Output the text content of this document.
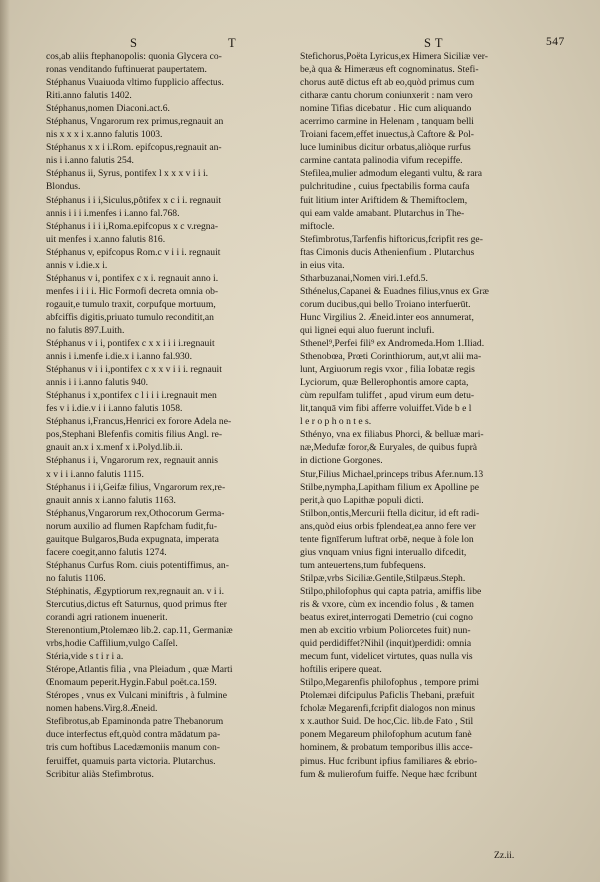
S	T	S T	547
cos,ab aliis ftephanopolis: quonia Glycera co-
ronas venditando fuftinuerat paupertatem.
Stéphanus Vuaiuoda vltimo fupplicio affectus.
Riti.anno falutis 1402.
Stéphanus,nomen Diaconi.act.6.
Stéphanus, Vngarorum rex primus,regnauit an
nis x x x i x.anno falutis 1003.
Stéphanus x x i i.Rom. epifcopus,regnauit an-
nis i i.anno falutis 254.
Stéphanus ii, Syrus, pontifex l x x x v i i i.
Blondus.
Stéphanus i i i,Siculus,pôtifex x c i i. regnauit
annis i i i i.menfes i i.anno fal.768.
Stéphanus i i i i,Roma.epifcopus x c v.regna-
uit menfes i x.anno falutis 816.
Stéphanus v, epifcopus Rom.c v i i i. regnauit
annis v i.die.x i.
Stéphanus v i, pontifex c x i. regnauit anno i.
menfes i i i i. Hic Formofi decreta omnia ob-
rogauit,e tumulo traxit, corpufque mortuum,
abfciffis digitis,priuato tumulo reconditit,an
no falutis 897.Luith.
Stéphanus v i i, pontifex c x x i i i i.regnauit
annis i i.menfe i.die.x i i.anno fal.930.
Stéphanus v i i i,pontifex c x x v i i i. regnauit
annis i i i.anno falutis 940.
Stéphanus i x,pontifex c l i i i i.regnauit men
fes v i i.die.v i i i.anno falutis 1058.
Stéphanus i,Francus,Henrici ex forore Adela ne-
pos,Stephani Blefenfis comitis filius Angl. re-
gnauit an.x i x.menf x i.Polyd.lib.ii.
Stéphanus i i, Vngarorum rex, regnauit annis
x v i i i.anno falutis 1115.
Stéphanus i i i,Geifæ filius, Vngarorum rex,re-
gnauit annis x i.anno falutis 1163.
Stéphanus,Vngarorum rex,Othocorum Germa-
norum auxilio ad flumen Rapfcham fudit,fu-
gauitque Bulgaros,Buda expugnata, imperata
facere coegit,anno falutis 1274.
Stéphanus Curfus Rom. ciuis potentiffimus, an-
no falutis 1106.
Stéphinatis, Ægyptiorum rex,regnauit an. v i i.
Stercutius,dictus eft Saturnus, quod primus fter
corandi agri rationem inuenerit.
Sterenontium,Ptolemæo lib.2. cap.11, Germaniæ
vrbs,hodie Caffilium,vulgo Caſſel.
Stéria,vide s t i r i a.
Stérope,Atlantis filia , vna Pleiadum , quæ Marti
Œnomaum peperit.Hygin.Fabul poët.ca.159.
Stéropes , vnus ex Vulcani miniftris , à fulmine
nomen habens.Virg.8.Æneid.
Stefibrotus,ab Epaminonda patre Thebanorum
duce interfectus eft,quòd contra mādatum pa-
tris cum hoftibus Lacedæmoniis manum con-
feruiffet, quamuis parta victoria. Plutarchus.
Scribitur aliàs Stefimbrotus.
Stefichorus,Poëta Lyricus,ex Himera Siciliæ ver-
be,à qua & Himeræus eft cognominatus. Stefi-
chorus autē dictus eft ab eo,quòd primus cum
citharæ cantu chorum coniunxerit : nam vero
nomine Tifias dicebatur . Hic cum aliquando
acerrimo carmine in Helenam , tanquam belli
Troiani facem,effet inuectus,à Caftore & Pol-
luce luminibus dicitur orbatus,aliòque rurfus
carmine cantata palinodia vifum recepiffe.
Stefilea,mulier admodum eleganti vultu, & rara
pulchritudine , cuius fpectabilis forma caufa
fuit litium inter Ariftidem & Themiftoclem,
qui eam valde amabant. Plutarchus in The-
miftocle.
Stefimbrotus,Tarfenfis hiftoricus,fcripfit res ge-
ftas Cimonis ducis Athenienfium . Plutarchus
in eius vita.
Stharbuzanai,Nomen viri.1.efd.5.
Sthénelus,Capanei & Euadnes filius,vnus ex Græ
corum ducibus,qui bello Troiano interfuerūt.
Hunc Virgilius 2. Æneid.inter eos annumerat,
qui lignei equi aluo fuerunt inclufi.
Sthenel⁹,Perfei fili⁹ ex Andromeda.Hom 1.Iliad.
Sthenobœa, Prœti Corinthiorum, aut,vt alii ma-
lunt, Argiuorum regis vxor , filia Iobatæ regis
Lyciorum, quæ Bellerophontis amore capta,
cùm repulfam tuliffet , apud virum eum detu-
lit,tanquā vim fibi afferre voluiffet.Vide b e l
l e r o p h o n t e s.
Sthényo, vna ex filiabus Phorci, & belluæ mari-
næ,Medufæ foror,& Euryales, de quibus fuprà
in dictione Gorgones.
Stur,Filius Michael,princeps tribus Afer.num.13
Stilbe,nympha,Lapitham filium ex Apolline pe
perit,à quo Lapithæ populi dicti.
Stilbon,ontis,Mercurii ftella dicitur, id eft radi-
ans,quòd eius orbis fplendeat,ea anno fere ver
tente fignīferum luftrat orbē, neque à fole lon
gius vnquam vnius figni interuallo difcedit,
tum anteuertens,tum fubfequens.
Stilpæ,vrbs Siciliæ.Gentile,Stilpæus.Steph.
Stilpo,philofophus qui capta patria, amiffis libe
ris & vxore, cùm ex incendio folus , & tamen
beatus exiret,interrogati Demetrio (cui cogno
men ab excitio vrbium Poliorcetes fuit) nun-
quid perdidiffet?Nihil (inquit)perdidi: omnia
mecum funt, videlicet virtutes, quas nulla vis
hoftilis eripere queat.
Stilpo,Megarenfis philofophus , tempore primi
Ptolemæi difcipulus Paficlis Thebani, præfuit
fcholæ Megarenfi,fcripfit dialogos non minus
x x.author Suid. De hoc,Cic. lib.de Fato , Stil
ponem Megareum philofophum acutum fanè
hominem, & probatum temporibus illis acce-
pimus. Huc fcribunt ipfius familiares & ebrio-
fum & mulierofum fuiffe. Neque hæc fcribunt
Zz.ii.
